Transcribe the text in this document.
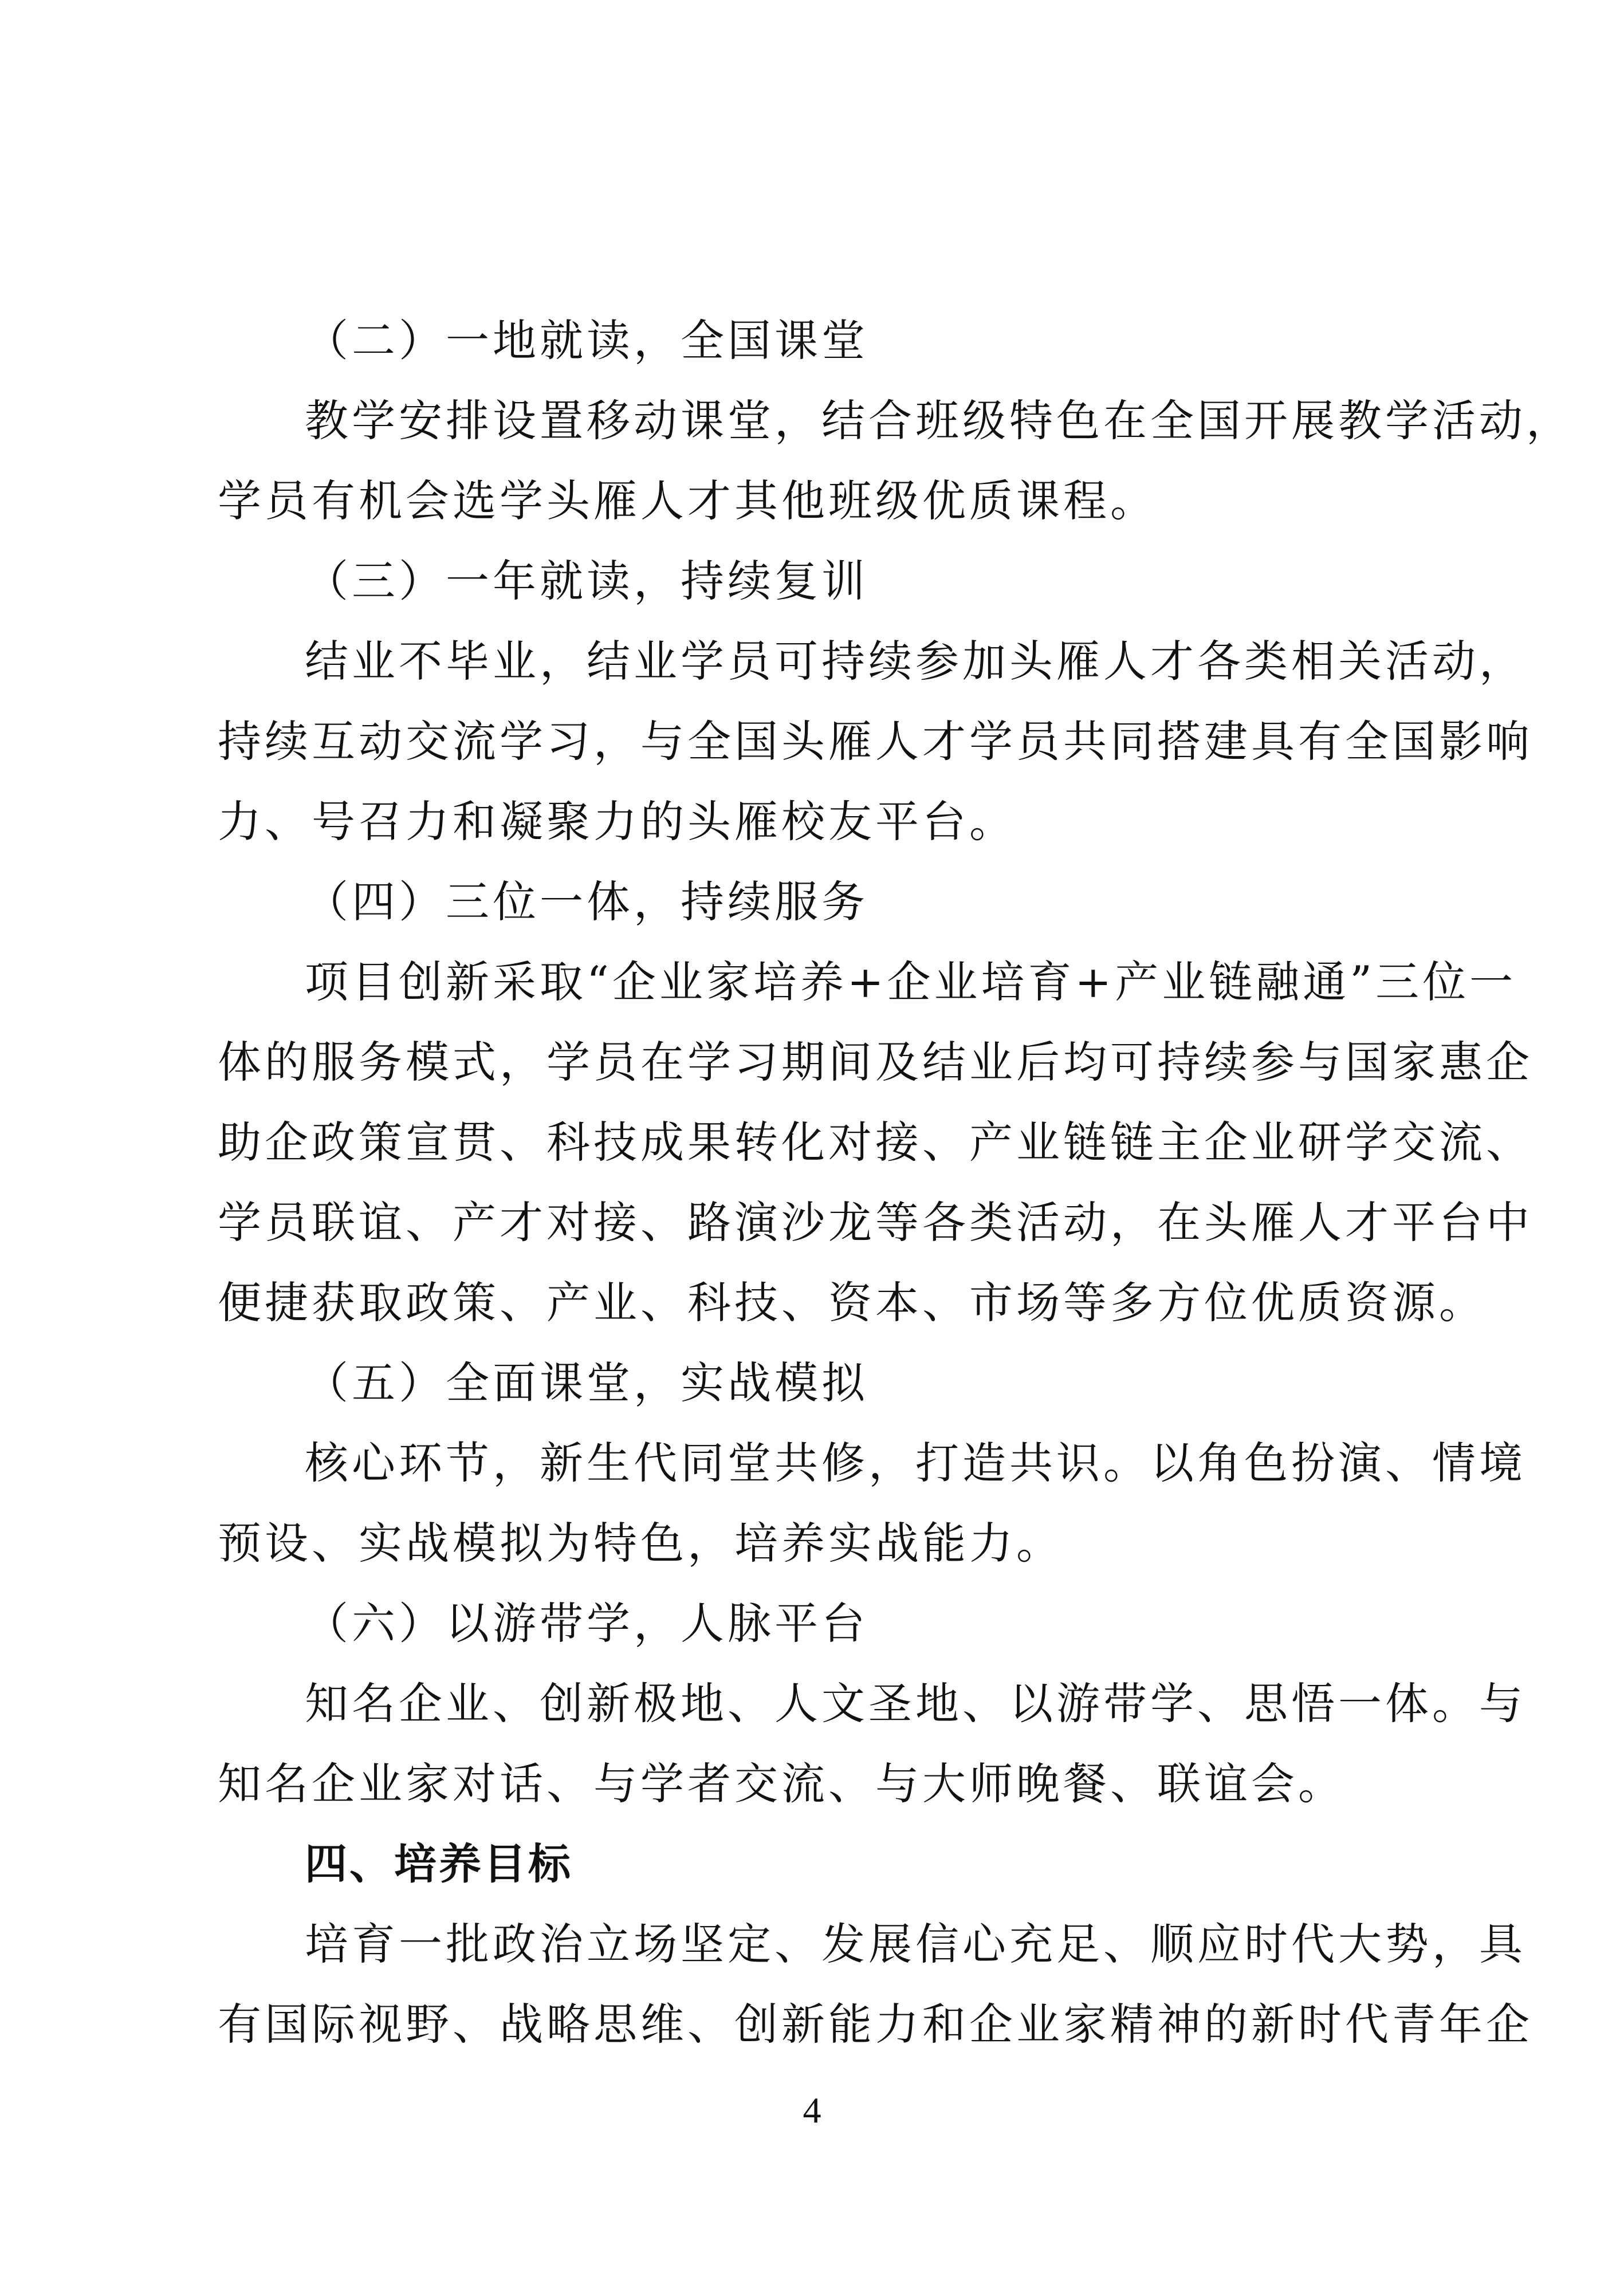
（二）一地就读，全国课堂
教学安排设置移动课堂，结合班级特色在全国开展教学活动，
学员有机会选学头雁人才其他班级优质课程。
（三）一年就读，持续复训
结业不毕业，结业学员可持续参加头雁人才各类相关活动，
持续互动交流学习，与全国头雁人才学员共同搭建具有全国影响
力、号召力和凝聚力的头雁校友平台。
（四）三位一体，持续服务
项目创新采取“企业家培养+企业培育+产业链融通”三位一
体的服务模式，学员在学习期间及结业后均可持续参与国家惠企
助企政策宣贯、科技成果转化对接、产业链链主企业研学交流、
学员联谊、产才对接、路演沙龙等各类活动，在头雁人才平台中
便捷获取政策、产业、科技、资本、市场等多方位优质资源。
（五）全面课堂，实战模拟
核心环节，新生代同堂共修，打造共识。以角色扮演、情境
预设、实战模拟为特色，培养实战能力。
（六）以游带学，人脉平台
知名企业、创新极地、人文圣地、以游带学、思悟一体。与
知名企业家对话、与学者交流、与大师晚餐、联谊会。
四、培养目标
培育一批政治立场坚定、发展信心充足、顺应时代大势，具
有国际视野、战略思维、创新能力和企业家精神的新时代青年企
4
